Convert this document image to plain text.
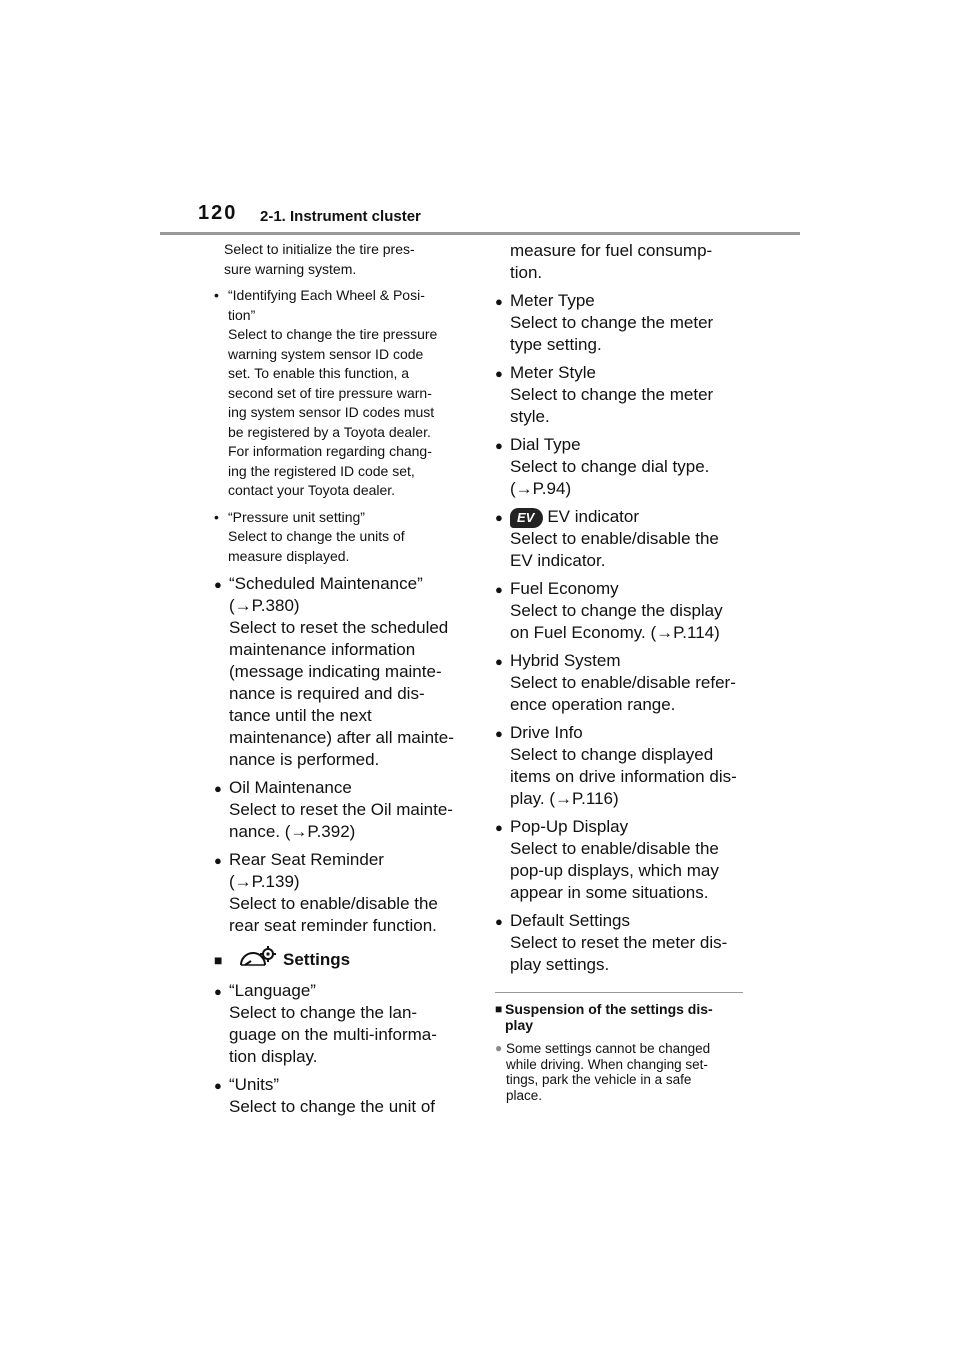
120 2-1. Instrument cluster
Select to initialize the tire pres-
sure warning system.
• “Identifying Each Wheel & Posi-
tion”
Select to change the tire pressure
warning system sensor ID code
set. To enable this function, a
second set of tire pressure warn-
ing system sensor ID codes must
be registered by a Toyota dealer.
For information regarding chang-
ing the registered ID code set,
contact your Toyota dealer.
• “Pressure unit setting”
Select to change the units of
measure displayed.
● “Scheduled Maintenance”
(→P.380)
Select to reset the scheduled
maintenance information
(message indicating mainte-
nance is required and dis-
tance until the next
maintenance) after all mainte-
nance is performed.
● Oil Maintenance
Select to reset the Oil mainte-
nance. (→P.392)
● Rear Seat Reminder
(→P.139)
Select to enable/disable the
rear seat reminder function.
■	Settings
● “Language”
Select to change the lan-
guage on the multi-informa-
tion display.
● “Units”
Select to change the unit of
measure for fuel consump-
tion.
● Meter Type
Select to change the meter
type setting.
● Meter Style
Select to change the meter
style.
● Dial Type
Select to change dial type.
(→P.94)
●	EV EV indicator
Select to enable/disable the
EV indicator.
● Fuel Economy
Select to change the display
on Fuel Economy. (→P.114)
● Hybrid System
Select to enable/disable refer-
ence operation range.
● Drive Info
Select to change displayed
items on drive information dis-
play. (→P.116)
● Pop-Up Display
Select to enable/disable the
pop-up displays, which may
appear in some situations.
● Default Settings
Select to reset the meter dis-
play settings.
■ Suspension of the settings dis-
play
● Some settings cannot be changed
while driving. When changing set-
tings, park the vehicle in a safe
place.
